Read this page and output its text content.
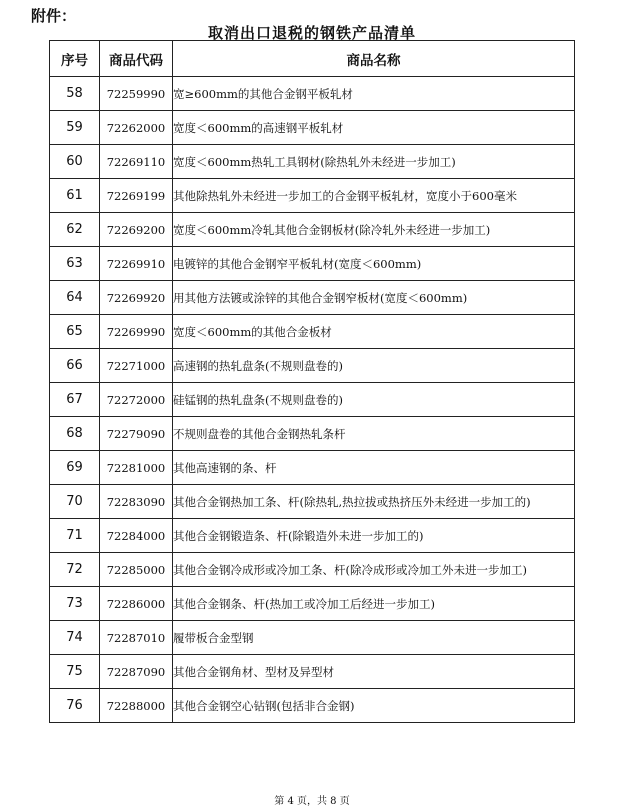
附件：
取消出口退税的钢铁产品清单
序号	商品代码	商品名称
58	72259990	宽≥600mm的其他合金钢平板轧材
59	72262000	宽度＜600mm的高速钢平板轧材
60	72269110	宽度＜600mm热轧工具钢材(除热轧外未经进一步加工)
61	72269199	其他除热轧外未经进一步加工的合金钢平板轧材，宽度小于600毫米
62	72269200	宽度＜600mm冷轧其他合金钢板材(除冷轧外未经进一步加工)
63	72269910	电镀锌的其他合金钢窄平板轧材(宽度＜600mm)
64	72269920	用其他方法镀或涂锌的其他合金钢窄板材(宽度＜600mm)
65	72269990	宽度＜600mm的其他合金板材
66	72271000	高速钢的热轧盘条(不规则盘卷的)
67	72272000	硅锰钢的热轧盘条(不规则盘卷的)
68	72279090	不规则盘卷的其他合金钢热轧条杆
69	72281000	其他高速钢的条、杆
70	72283090	其他合金钢热加工条、杆(除热轧,热拉拔或热挤压外未经进一步加工的)
71	72284000	其他合金钢锻造条、杆(除锻造外未进一步加工的)
72	72285000	其他合金钢冷成形或冷加工条、杆(除冷成形或冷加工外未进一步加工)
73	72286000	其他合金钢条、杆(热加工或冷加工后经进一步加工)
74	72287010	履带板合金型钢
75	72287090	其他合金钢角材、型材及异型材
76	72288000	其他合金钢空心钻钢(包括非合金钢)
第 4 页，共 8 页
